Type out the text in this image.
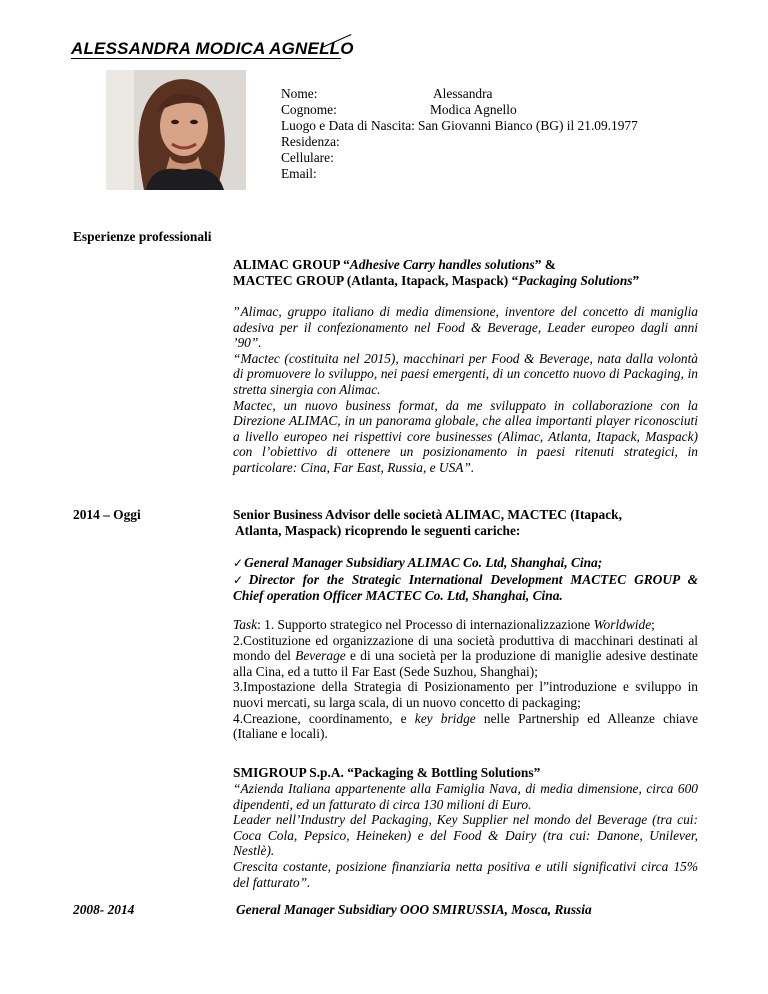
ALESSANDRA MODICA AGNELLO
Nome:	Alessandra
Cognome:	Modica Agnello
Luogo e Data di Nascita: San Giovanni Bianco (BG) il 21.09.1977
Residenza:
Cellulare:
Email:
Esperienze professionali
ALIMAC GROUP “Adhesive Carry handles solutions” &
MACTEC GROUP (Atlanta, Itapack, Maspack) “Packaging Solutions”

ˮAlimac, gruppo italiano di media dimensione, inventore del concetto di maniglia adesiva per il confezionamento nel Food & Beverage, Leader europeo dagli anni ’90”.

“Mactec (costituita nel 2015), macchinari per Food & Beverage, nata dalla volontà di promuovere lo sviluppo, nei paesi emergenti, di un concetto nuovo di Packaging, in stretta sinergia con Alimac.

Mactec, un nuovo business format, da me sviluppato in collaborazione con la Direzione ALIMAC, in un panorama globale, che allea importanti player riconosciuti a livello europeo nei rispettivi core businesses (Alimac, Atlanta, Itapack, Maspack) con l’obiettivo di ottenere un posizionamento in paesi ritenuti strategici, in particolare: Cina, Far East, Russia, e USA”.

2014 – Oggi	Senior Business Advisor delle società ALIMAC, MACTEC (Itapack,
Atlanta, Maspack) ricoprendo le seguenti cariche:
✓General Manager Subsidiary ALIMAC Co. Ltd, Shanghai, Cina;
✓Director for the Strategic International Development MACTEC GROUP &
Chief operation Officer MACTEC Co. Ltd, Shanghai, Cina.

Task: 1. Supporto strategico nel Processo di internazionalizzazione Worldwide;

2.Costituzione ed organizzazione di una società produttiva di macchinari destinati al mondo del Beverage e di una società per la produzione di maniglie adesive destinate alla Cina, ed a tutto il Far East (Sede Suzhou, Shanghai);

3.Impostazione della Strategia di Posizionamento per lˮintroduzione e sviluppo in nuovi mercati, su larga scala, di un nuovo concetto di packaging;

4.Creazione, coordinamento, e key bridge nelle Partnership ed Alleanze chiave (Italiane e locali).

SMIGROUP S.p.A. “Packaging & Bottling Solutions”

“Azienda Italiana appartenente alla Famiglia Nava, di media dimensione, circa 600 dipendenti, ed un fatturato di circa 130 milioni di Euro.

Leader nell’Industry del Packaging, Key Supplier nel mondo del Beverage (tra cui: Coca Cola, Pepsico, Heineken) e del Food & Dairy (tra cui: Danone, Unilever, Nestlè).

Crescita costante, posizione finanziaria netta positiva e utili significativi circa 15% del fatturato”.

2008- 2014	General Manager Subsidiary OOO SMIRUSSIA, Mosca, Russia
